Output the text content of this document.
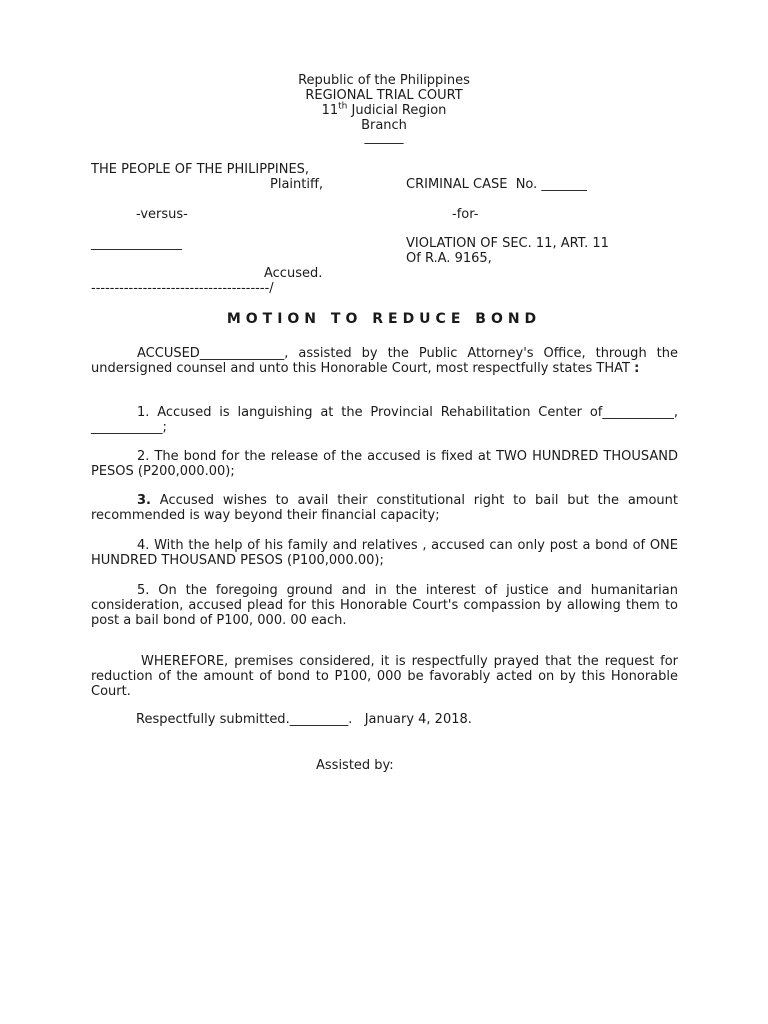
Republic of the Philippines
REGIONAL TRIAL COURT
11th Judicial Region
Branch
______
THE PEOPLE OF THE PHILIPPINES,
Plaintiff,	CRIMINAL CASE  No. _______
-versus-	-for-
______________	VIOLATION OF SEC. 11, ART. 11
Of R.A. 9165,
Accused.
--------------------------------------/
MOTION TO REDUCE BOND
ACCUSED_____________, assisted by the Public Attorney's Office, through the undersigned counsel and unto this Honorable Court, most respectfully states THAT :
1. Accused is languishing at the Provincial Rehabilitation Center of___________, ___________;
2. The bond for the release of the accused is fixed at TWO HUNDRED THOUSAND PESOS (P200,000.00);
3. Accused wishes to avail their constitutional right to bail but the amount recommended is way beyond their financial capacity;
4. With the help of his family and relatives , accused can only post a bond of ONE HUNDRED THOUSAND PESOS (P100,000.00);
5. On the foregoing ground and in the interest of justice and humanitarian consideration, accused plead for this Honorable Court's compassion by allowing them to post a bail bond of P100, 000. 00 each.
WHEREFORE, premises considered, it is respectfully prayed that the request for reduction of the amount of bond to P100, 000 be favorably acted on by this Honorable Court.
Respectfully submitted._________.   January 4, 2018.
Assisted by:
